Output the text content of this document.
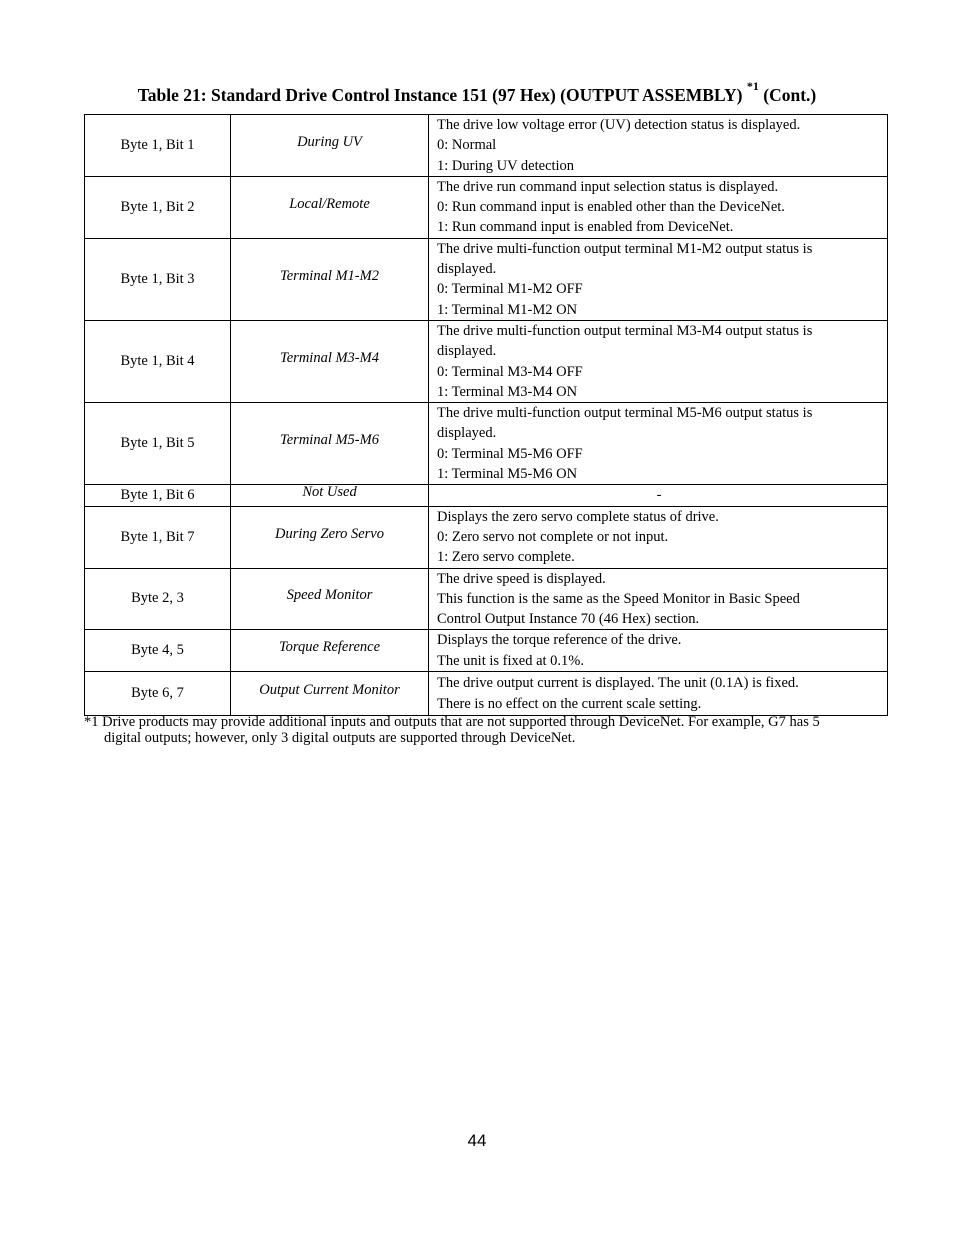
Table 21: Standard Drive Control Instance 151 (97 Hex) (OUTPUT ASSEMBLY) $^{*1}$ (Cont.)
Byte 1, Bit 1	During UV	The drive low voltage error (UV) detection status is displayed.
0: Normal
1: During UV detection

Byte 1, Bit 2	Local/Remote	The drive run command input selection status is displayed.
0: Run command input is enabled other than the DeviceNet.
1: Run command input is enabled from DeviceNet.

Byte 1, Bit 3	Terminal M1-M2	The drive multi-function output terminal M1-M2 output status is
displayed.
0: Terminal M1-M2 OFF
1: Terminal M1-M2 ON

Byte 1, Bit 4	Terminal M3-M4	The drive multi-function output terminal M3-M4 output status is
displayed.
0: Terminal M3-M4 OFF
1: Terminal M3-M4 ON

Byte 1, Bit 5	Terminal M5-M6	The drive multi-function output terminal M5-M6 output status is
displayed.
0: Terminal M5-M6 OFF
1: Terminal M5-M6 ON

Byte 1, Bit 6	Not Used	-

Byte 1, Bit 7	During Zero Servo	Displays the zero servo complete status of drive.
0: Zero servo not complete or not input.
1: Zero servo complete.

Byte 2, 3	Speed Monitor	The drive speed is displayed.
This function is the same as the Speed Monitor in Basic Speed
Control Output Instance 70 (46 Hex) section.

Byte 4, 5	Torque Reference	Displays the torque reference of the drive.
The unit is fixed at 0.1%.

Byte 6, 7	Output Current Monitor	The drive output current is displayed. The unit (0.1A) is fixed.
There is no effect on the current scale setting.
*1 Drive products may provide additional inputs and outputs that are not supported through DeviceNet. For example, G7 has 5
digital outputs; however, only 3 digital outputs are supported through DeviceNet.
44
